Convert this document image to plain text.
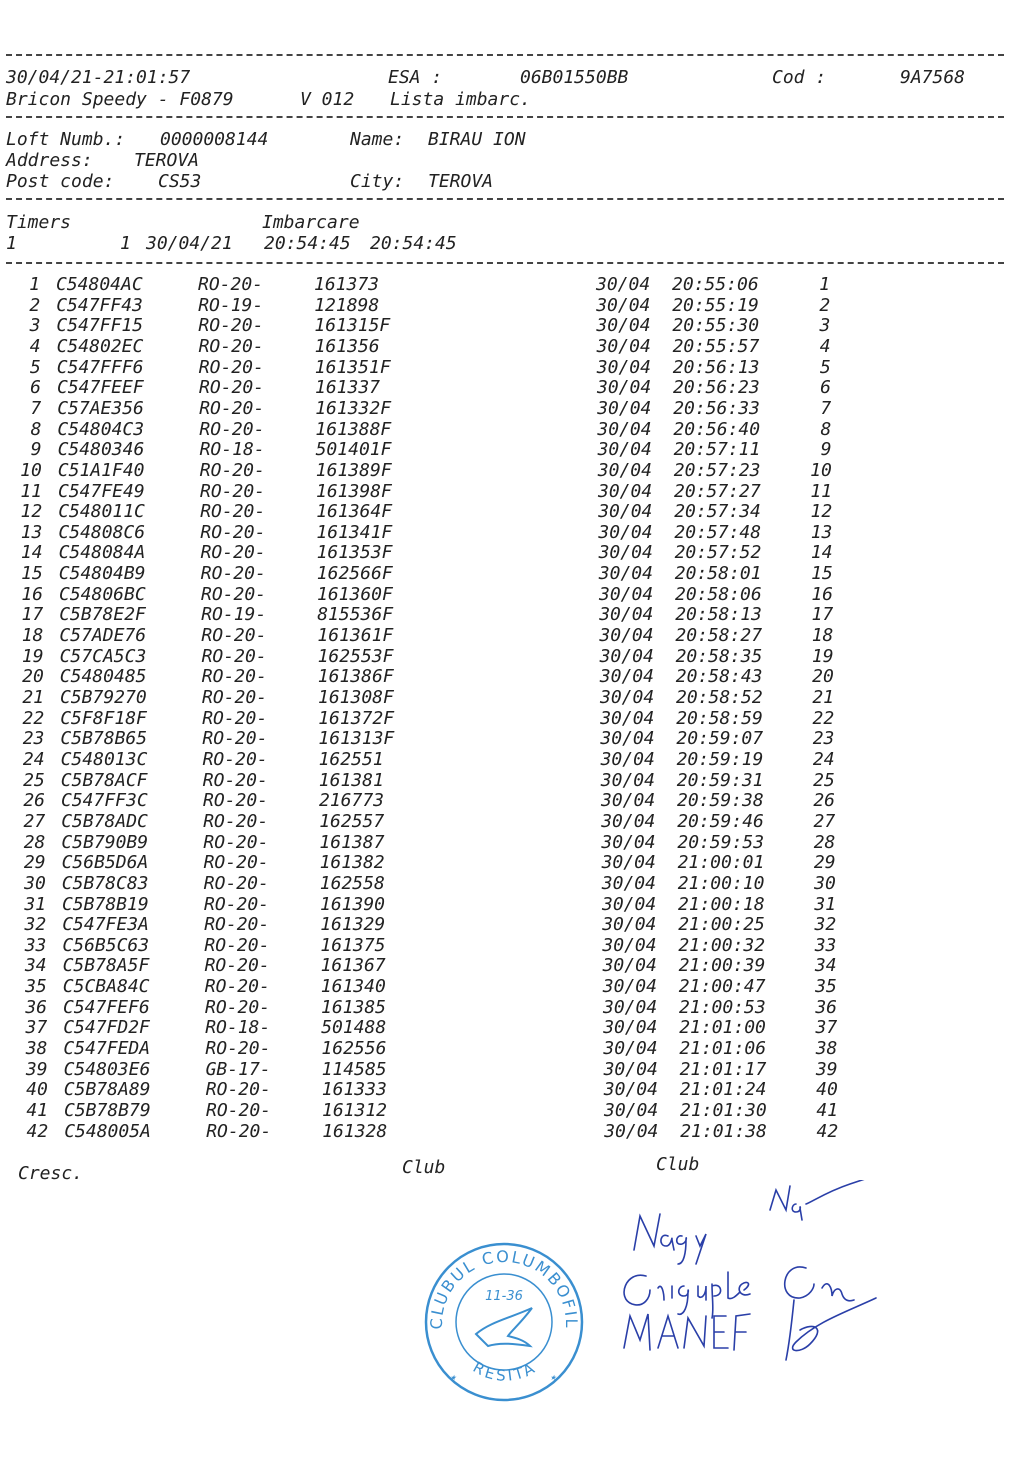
30/04/21-21:01:57	ESA :	06B01550BB	Cod :	9A7568
Bricon Speedy - F0879	V 012 Lista imbarc.
Loft Numb.: 0000008144	Name: BIRAU ION
Address: TEROVA
Post code: CS53	City: TEROVA
Timers	Imbarcare
1	1 30/04/21 20:54:45 20:54:45
1 C54804AC	RO-20-	161373	30/04 20:55:06	1
2 C547FF43	RO-19-	121898	30/04 20:55:19	2
3 C547FF15	RO-20-	161315F	30/04 20:55:30	3
4 C54802EC	RO-20-	161356	30/04 20:55:57	4
5 C547FFF6	RO-20-	161351F	30/04 20:56:13	5
6 C547FEEF	RO-20-	161337	30/04 20:56:23	6
7 C57AE356	RO-20-	161332F	30/04 20:56:33	7
8 C54804C3	RO-20-	161388F	30/04 20:56:40	8
9 C5480346	RO-18-	501401F	30/04 20:57:11	9
10 C51A1F40	RO-20-	161389F	30/04 20:57:23	10
11 C547FE49	RO-20-	161398F	30/04 20:57:27	11
12 C548011C	RO-20-	161364F	30/04 20:57:34	12
13 C54808C6	RO-20-	161341F	30/04 20:57:48	13
14 C548084A	RO-20-	161353F	30/04 20:57:52	14
15 C54804B9	RO-20-	162566F	30/04 20:58:01	15
16 C54806BC	RO-20-	161360F	30/04 20:58:06	16
17 C5B78E2F	RO-19-	815536F	30/04 20:58:13	17
18 C57ADE76	RO-20-	161361F	30/04 20:58:27	18
19 C57CA5C3	RO-20-	162553F	30/04 20:58:35	19
20 C5480485	RO-20-	161386F	30/04 20:58:43	20
21 C5B79270	RO-20-	161308F	30/04 20:58:52	21
22 C5F8F18F	RO-20-	161372F	30/04 20:58:59	22
23 C5B78B65	RO-20-	161313F	30/04 20:59:07	23
24 C548013C	RO-20-	162551	30/04 20:59:19	24
25 C5B78ACF	RO-20-	161381	30/04 20:59:31	25
26 C547FF3C	RO-20-	216773	30/04 20:59:38	26
27 C5B78ADC	RO-20-	162557	30/04 20:59:46	27
28 C5B790B9	RO-20-	161387	30/04 20:59:53	28
29 C56B5D6A	RO-20-	161382	30/04 21:00:01	29
30 C5B78C83	RO-20-	162558	30/04 21:00:10	30
31 C5B78B19	RO-20-	161390	30/04 21:00:18	31
32 C547FE3A	RO-20-	161329	30/04 21:00:25	32
33 C56B5C63	RO-20-	161375	30/04 21:00:32	33
34 C5B78A5F	RO-20-	161367	30/04 21:00:39	34
35 C5CBA84C	RO-20-	161340	30/04 21:00:47	35
36 C547FEF6	RO-20-	161385	30/04 21:00:53	36
37 C547FD2F	RO-18-	501488	30/04 21:01:00	37
38 C547FEDA	RO-20-	162556	30/04 21:01:06	38
39 C54803E6	GB-17-	114585	30/04 21:01:17	39
40 C5B78A89	RO-20-	161333	30/04 21:01:24	40
41 C5B78B79	RO-20-	161312	30/04 21:01:30	41
42 C548005A	RO-20-	161328	30/04 21:01:38	42
Cresc.	Club	Club
CLUBUL COLUMBOFIL
RESITA
11-36
★	★
